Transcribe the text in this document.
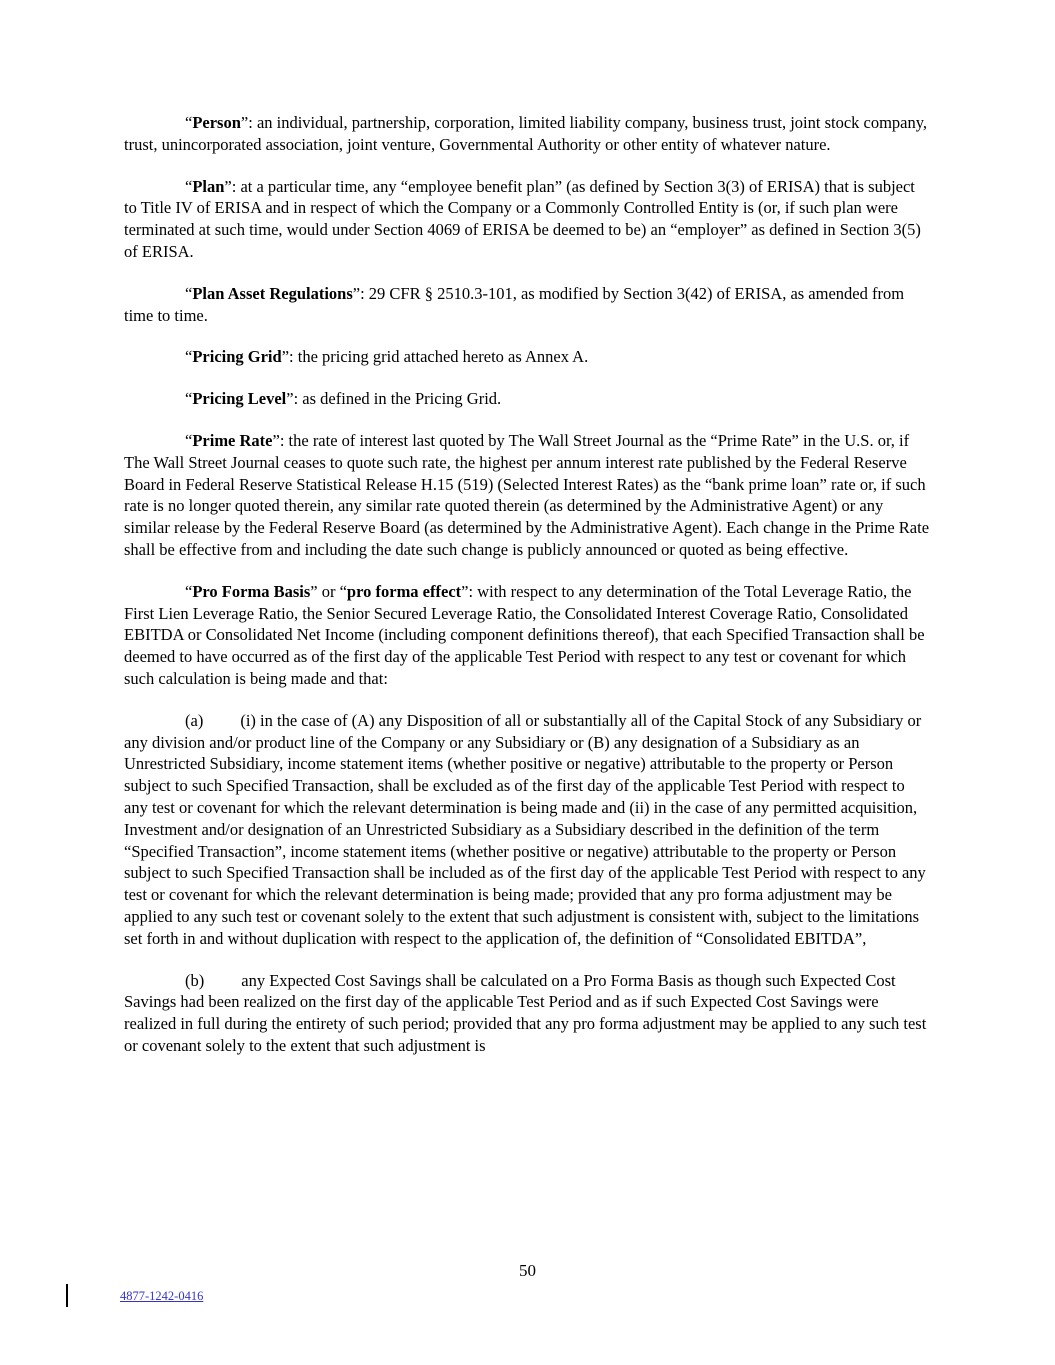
“Person”: an individual, partnership, corporation, limited liability company, business trust, joint stock company, trust, unincorporated association, joint venture, Governmental Authority or other entity of whatever nature.

“Plan”: at a particular time, any “employee benefit plan” (as defined by Section 3(3) of ERISA) that is subject to Title IV of ERISA and in respect of which the Company or a Commonly Controlled Entity is (or, if such plan were terminated at such time, would under Section 4069 of ERISA be deemed to be) an “employer” as defined in Section 3(5) of ERISA.

“Plan Asset Regulations”: 29 CFR § 2510.3-101, as modified by Section 3(42) of ERISA, as amended from time to time.

“Pricing Grid”: the pricing grid attached hereto as Annex A.

“Pricing Level”: as defined in the Pricing Grid.

“Prime Rate”: the rate of interest last quoted by The Wall Street Journal as the “Prime Rate” in the U.S. or, if The Wall Street Journal ceases to quote such rate, the highest per annum interest rate published by the Federal Reserve Board in Federal Reserve Statistical Release H.15 (519) (Selected Interest Rates) as the “bank prime loan” rate or, if such rate is no longer quoted therein, any similar rate quoted therein (as determined by the Administrative Agent) or any similar release by the Federal Reserve Board (as determined by the Administrative Agent). Each change in the Prime Rate shall be effective from and including the date such change is publicly announced or quoted as being effective.

“Pro Forma Basis” or “pro forma effect”: with respect to any determination of the Total Leverage Ratio, the First Lien Leverage Ratio, the Senior Secured Leverage Ratio, the Consolidated Interest Coverage Ratio, Consolidated EBITDA or Consolidated Net Income (including component definitions thereof), that each Specified Transaction shall be deemed to have occurred as of the first day of the applicable Test Period with respect to any test or covenant for which such calculation is being made and that:

(a) (i) in the case of (A) any Disposition of all or substantially all of the Capital Stock of any Subsidiary or any division and/or product line of the Company or any Subsidiary or (B) any designation of a Subsidiary as an Unrestricted Subsidiary, income statement items (whether positive or negative) attributable to the property or Person subject to such Specified Transaction, shall be excluded as of the first day of the applicable Test Period with respect to any test or covenant for which the relevant determination is being made and (ii) in the case of any permitted acquisition, Investment and/or designation of an Unrestricted Subsidiary as a Subsidiary described in the definition of the term “Specified Transaction”, income statement items (whether positive or negative) attributable to the property or Person subject to such Specified Transaction shall be included as of the first day of the applicable Test Period with respect to any test or covenant for which the relevant determination is being made; provided that any pro forma adjustment may be applied to any such test or covenant solely to the extent that such adjustment is consistent with, subject to the limitations set forth in and without duplication with respect to the application of, the definition of “Consolidated EBITDA”,

(b) any Expected Cost Savings shall be calculated on a Pro Forma Basis as though such Expected Cost Savings had been realized on the first day of the applicable Test Period and as if such Expected Cost Savings were realized in full during the entirety of such period; provided that any pro forma adjustment may be applied to any such test or covenant solely to the extent that such adjustment is

50
4877-1242-0416
